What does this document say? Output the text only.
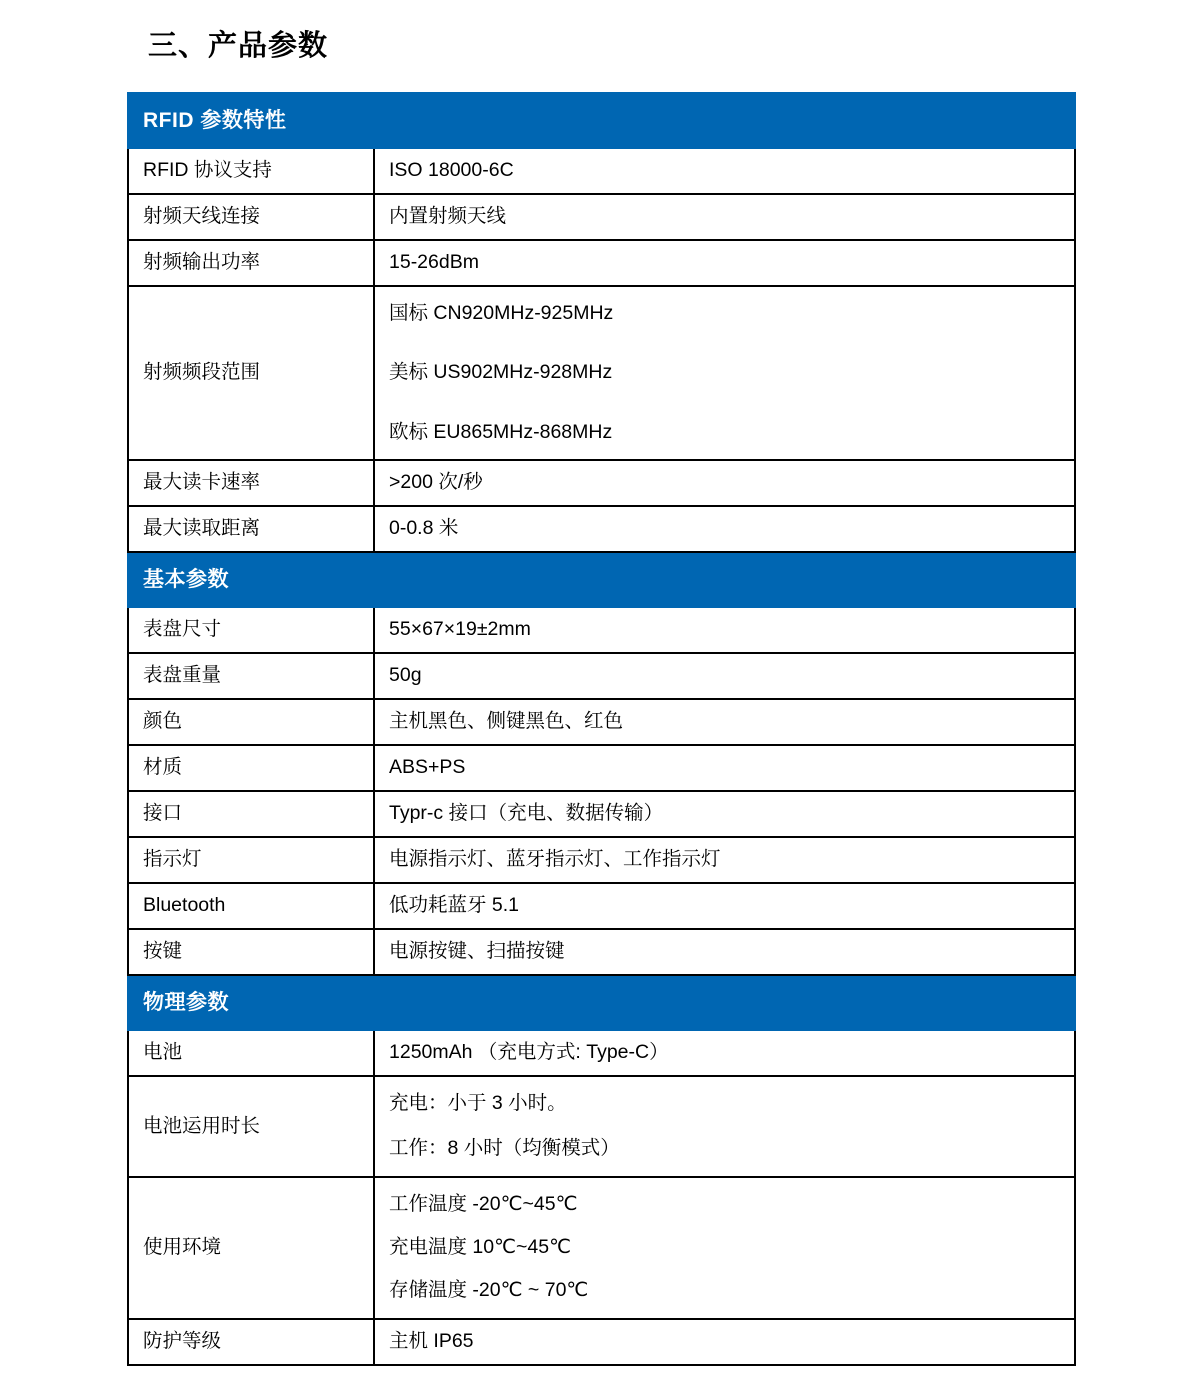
三、产品参数
RFID 参数特性	
RFID 协议支持	ISO 18000-6C
射频天线连接	内置射频天线
射频输出功率	15-26dBm
射频频段范围	国标 CN920MHz-925MHz
美标 US902MHz-928MHz
欧标 EU865MHz-868MHz

最大读卡速率	>200 次/秒
最大读取距离	0-0.8 米
基本参数	
表盘尺寸	55×67×19±2mm
表盘重量	50g
颜色	主机黑色、侧键黑色、红色
材质	ABS+PS
接口	Typr-c 接口（充电、数据传输）
指示灯	电源指示灯、蓝牙指示灯、工作指示灯
Bluetooth	低功耗蓝牙 5.1
按键	电源按键、扫描按键
物理参数	
电池	1250mAh （充电方式: Type-C）
电池运用时长	充电：小于 3 小时。
工作：8 小时（均衡模式）

使用环境	工作温度 -20℃~45℃
充电温度 10℃~45℃
存储温度 -20℃ ~ 70℃

防护等级	主机 IP65
